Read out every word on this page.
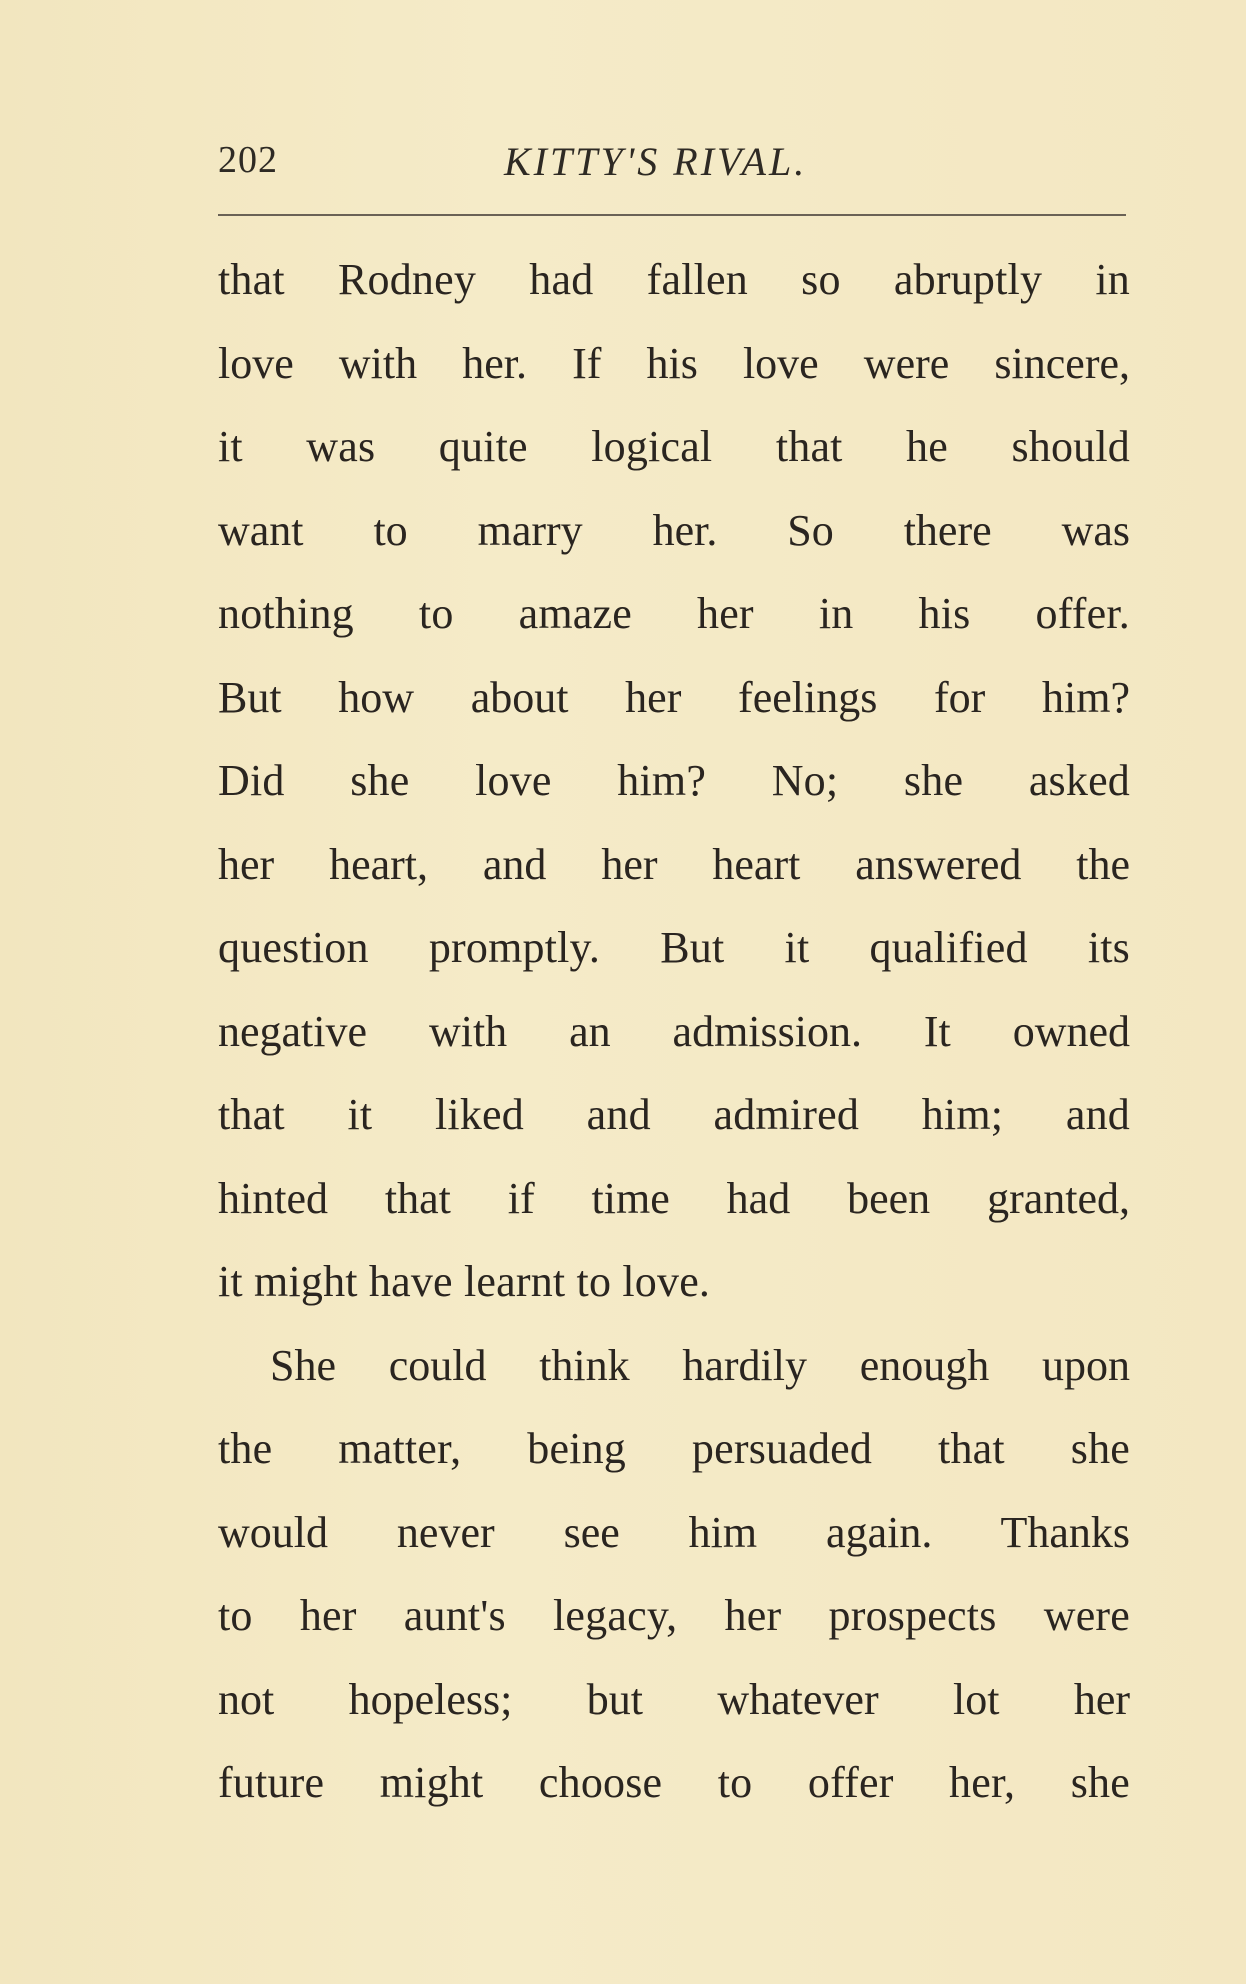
202	KITTY'S RIVAL.
that Rodney had fallen so abruptly in
love with her. If his love were sincere,
it was quite logical that he should
want to marry her. So there was
nothing to amaze her in his offer.
But how about her feelings for him?
Did she love him? No; she asked
her heart, and her heart answered the
question promptly. But it qualified its
negative with an admission. It owned
that it liked and admired him; and
hinted that if time had been granted,
it might have learnt to love.
She could think hardily enough upon
the matter, being persuaded that she
would never see him again. Thanks
to her aunt's legacy, her prospects were
not hopeless; but whatever lot her
future might choose to offer her, she
